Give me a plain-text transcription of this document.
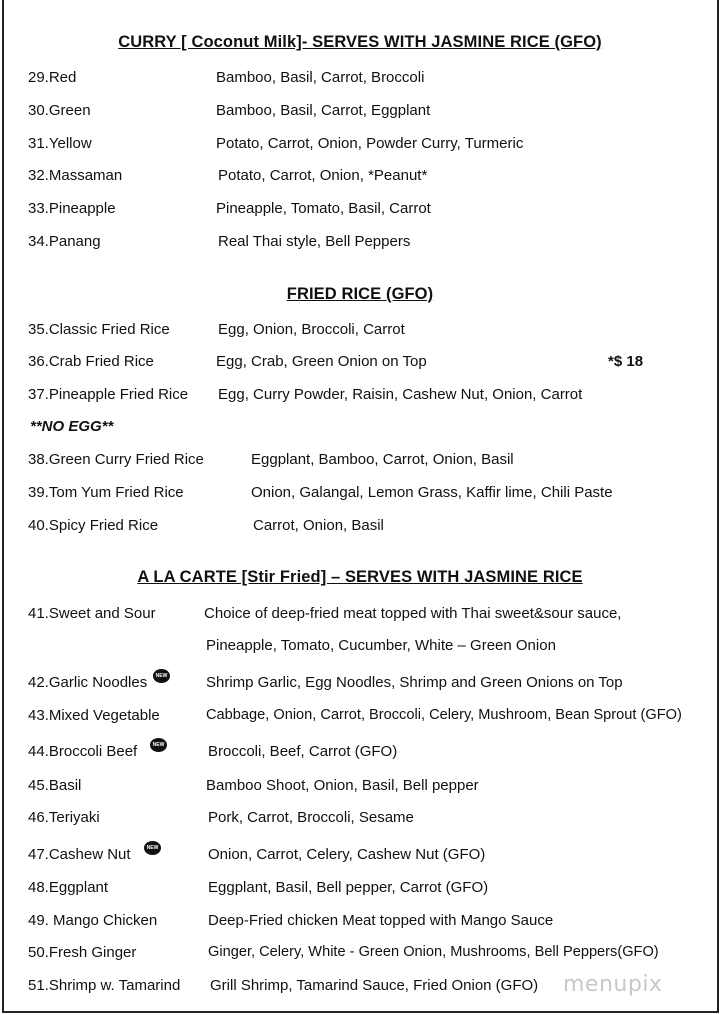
CURRY [ Coconut Milk]- SERVES WITH JASMINE RICE (GFO)
29.Red	Bamboo, Basil, Carrot, Broccoli
30.Green	Bamboo, Basil, Carrot, Eggplant
31.Yellow	Potato, Carrot, Onion, Powder Curry, Turmeric
32.Massaman	Potato, Carrot, Onion, *Peanut*
33.Pineapple	Pineapple, Tomato, Basil, Carrot
34.Panang	Real Thai style, Bell Peppers
FRIED RICE (GFO)
35.Classic Fried Rice	Egg, Onion, Broccoli, Carrot
36.Crab Fried Rice	Egg, Crab, Green Onion on Top	*$ 18
37.Pineapple Fried Rice Egg, Curry Powder, Raisin, Cashew Nut, Onion, Carrot
**NO EGG**
38.Green Curry Fried Rice	Eggplant, Bamboo, Carrot, Onion, Basil
39.Tom Yum Fried Rice	Onion, Galangal, Lemon Grass, Kaffir lime, Chili Paste
40.Spicy Fried Rice	Carrot, Onion, Basil
A LA CARTE [Stir Fried] – SERVES WITH JASMINE RICE
41.Sweet and Sour	Choice of deep-fried meat topped with Thai sweet&sour sauce,
Pineapple, Tomato, Cucumber, White – Green Onion
42.Garlic Noodles	NEW	Shrimp Garlic, Egg Noodles, Shrimp and Green Onions on Top
43.Mixed Vegetable	Cabbage, Onion, Carrot, Broccoli, Celery, Mushroom, Bean Sprout (GFO)
44.Broccoli Beef	NEW	Broccoli, Beef, Carrot (GFO)
45.Basil	Bamboo Shoot, Onion, Basil, Bell pepper
46.Teriyaki	Pork, Carrot, Broccoli, Sesame
47.Cashew Nut	NEW	Onion, Carrot, Celery, Cashew Nut (GFO)
48.Eggplant	Eggplant, Basil, Bell pepper, Carrot (GFO)
49. Mango Chicken	Deep-Fried chicken Meat topped with Mango Sauce
50.Fresh Ginger	Ginger, Celery, White - Green Onion, Mushrooms, Bell Peppers(GFO)
51.Shrimp w. Tamarind Grill Shrimp, Tamarind Sauce, Fried Onion (GFO) menupix
